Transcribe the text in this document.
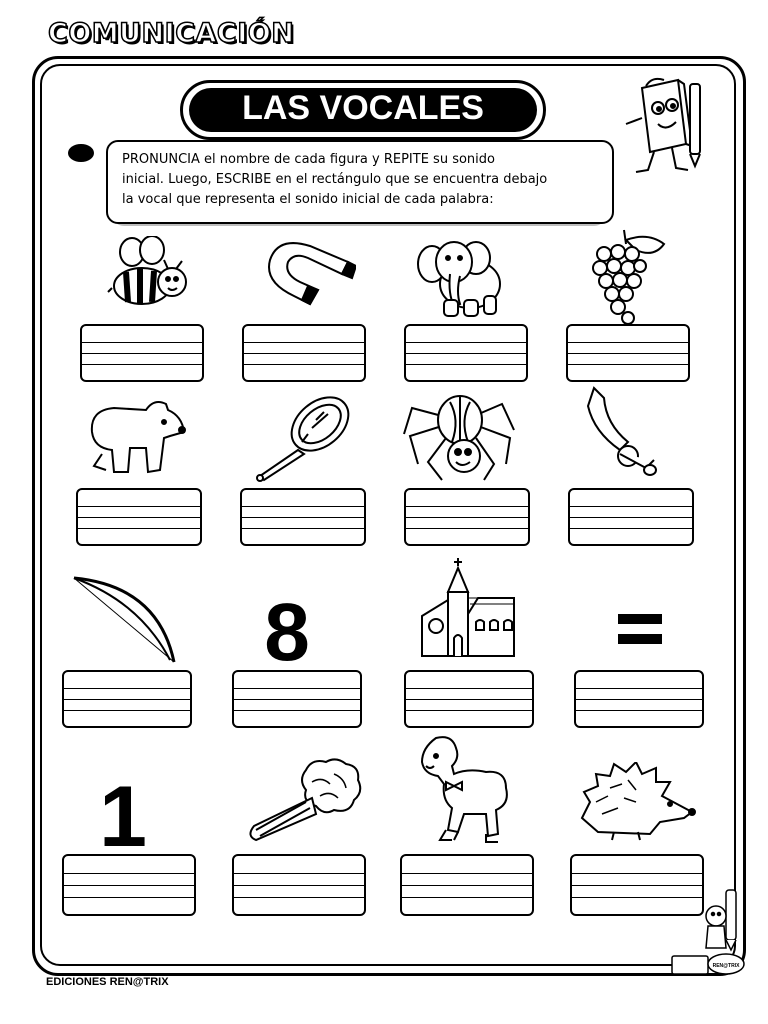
COMUNICACIÓN
LAS VOCALES
PRONUNCIA el nombre de cada figura y REPITE su sonido
inicial. Luego, ESCRIBE en el rectángulo que se encuentra debajo
la vocal que representa el sonido inicial de cada palabra:
8
1
REN@TRIX
EDICIONES REN@TRIX
